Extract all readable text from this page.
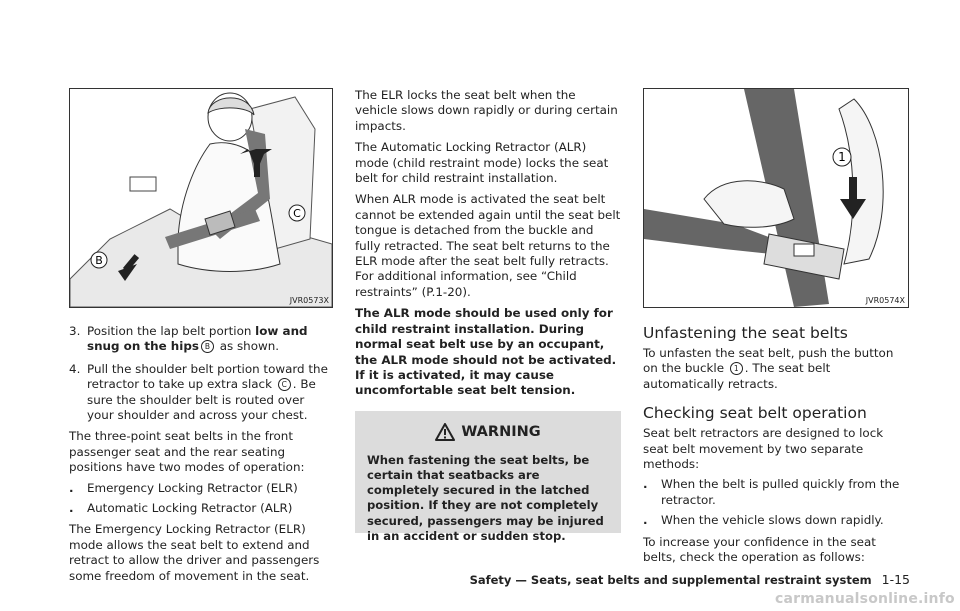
B
C
JVR0573X
3. Position the lap belt portion low and snug on the hips B as shown.
4. Pull the shoulder belt portion toward the retractor to take up extra slack C . Be sure the shoulder belt is routed over your shoulder and across your chest.

The three-point seat belts in the front passenger seat and the rear seating positions have two modes of operation:

.	Emergency Locking Retractor (ELR)
.	Automatic Locking Retractor (ALR)

The Emergency Locking Retractor (ELR) mode allows the seat belt to extend and retract to allow the driver and passengers some freedom of movement in the seat.

The ELR locks the seat belt when the vehicle slows down rapidly or during certain impacts.

The Automatic Locking Retractor (ALR) mode (child restraint mode) locks the seat belt for child restraint installation.

When ALR mode is activated the seat belt cannot be extended again until the seat belt tongue is detached from the buckle and fully retracted. The seat belt returns to the ELR mode after the seat belt fully retracts. For additional information, see “Child restraints” (P.1-20).

The ALR mode should be used only for child restraint installation. During normal seat belt use by an occupant, the ALR mode should not be activated. If it is activated, it may cause uncomfortable seat belt tension.

WARNING
When fastening the seat belts, be certain that seatbacks are completely secured in the latched position. If they are not completely secured, passengers may be injured in an accident or sudden stop.
1
JVR0574X
Unfastening the seat belts

To unfasten the seat belt, push the button on the buckle 1 . The seat belt automatically retracts.

Checking seat belt operation

Seat belt retractors are designed to lock seat belt movement by two separate methods:

.	When the belt is pulled quickly from the retractor.
.	When the vehicle slows down rapidly.

To increase your confidence in the seat belts, check the operation as follows:

Safety — Seats, seat belts and supplemental restraint system 1-15
carmanualsonline.info
